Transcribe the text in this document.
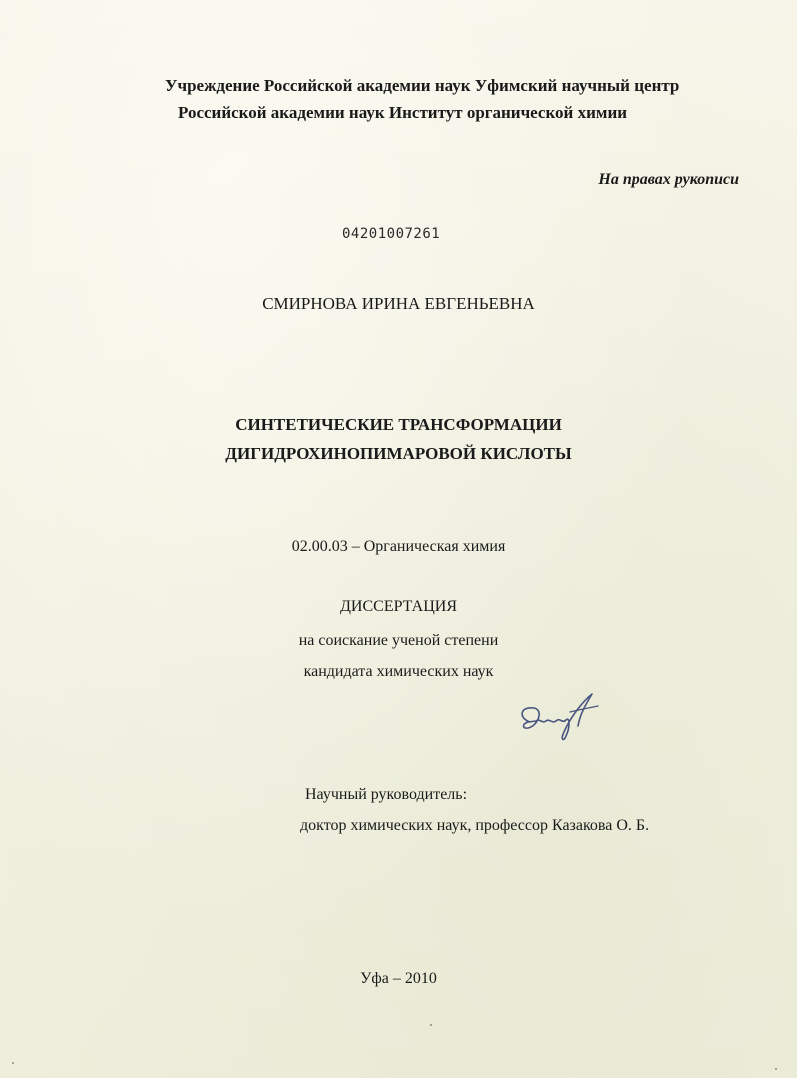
Учреждение Российской академии наук Уфимский научный центр
Российской академии наук Институт органической химии
На правах рукописи
04201007261
СМИРНОВА ИРИНА ЕВГЕНЬЕВНА
СИНТЕТИЧЕСКИЕ ТРАНСФОРМАЦИИ
ДИГИДРОХИНОПИМАРОВОЙ КИСЛОТЫ
02.00.03 – Органическая химия
ДИССЕРТАЦИЯ
на соискание ученой степени
кандидата химических наук
Научный руководитель:
доктор химических наук, профессор Казакова О. Б.
Уфа – 2010
